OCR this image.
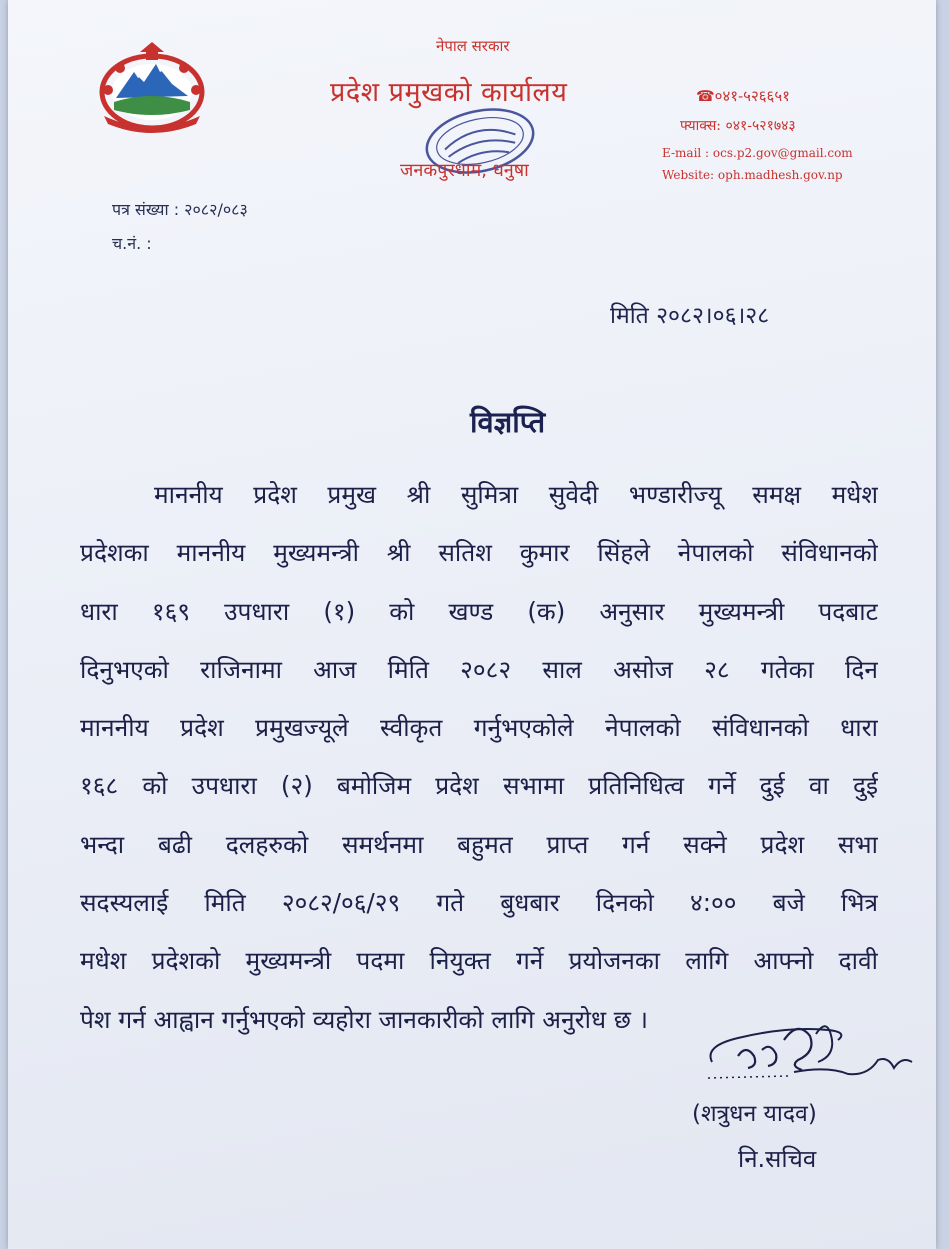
नेपाल सरकार
प्रदेश प्रमुखको कार्यालय
जनकपुरधाम, धनुषा
☎०४१-५२६६५१
फ्याक्स: ०४१-५२१७४३
E-mail : ocs.p2.gov@gmail.com
Website: oph.madhesh.gov.np
पत्र संख्या : २०८२/०८३
च.नं. :
मिति २०८२।०६।२८
विज्ञप्ति
माननीय प्रदेश प्रमुख श्री सुमित्रा सुवेदी भण्डारीज्यू समक्ष मधेश
प्रदेशका माननीय मुख्यमन्त्री श्री सतिश कुमार सिंहले नेपालको संविधानको
धारा १६९ उपधारा (१) को खण्ड (क) अनुसार मुख्यमन्त्री पदबाट
दिनुभएको राजिनामा आज मिति २०८२ साल असोज २८ गतेका दिन
माननीय प्रदेश प्रमुखज्यूले स्वीकृत गर्नुभएकोले नेपालको संविधानको धारा
१६८ को उपधारा (२) बमोजिम प्रदेश सभामा प्रतिनिधित्व गर्ने दुई वा दुई
भन्दा बढी दलहरुको समर्थनमा बहुमत प्राप्त गर्न सक्ने प्रदेश सभा
सदस्यलाई मिति २०८२/०६/२९ गते बुधबार दिनको ४:०० बजे भित्र
मधेश प्रदेशको मुख्यमन्त्री पदमा नियुक्त गर्ने प्रयोजनका लागि आफ्नो दावी
पेश गर्न आह्वान गर्नुभएको व्यहोरा जानकारीको लागि अनुरोध छ ।
(शत्रुधन यादव)
नि.सचिव
